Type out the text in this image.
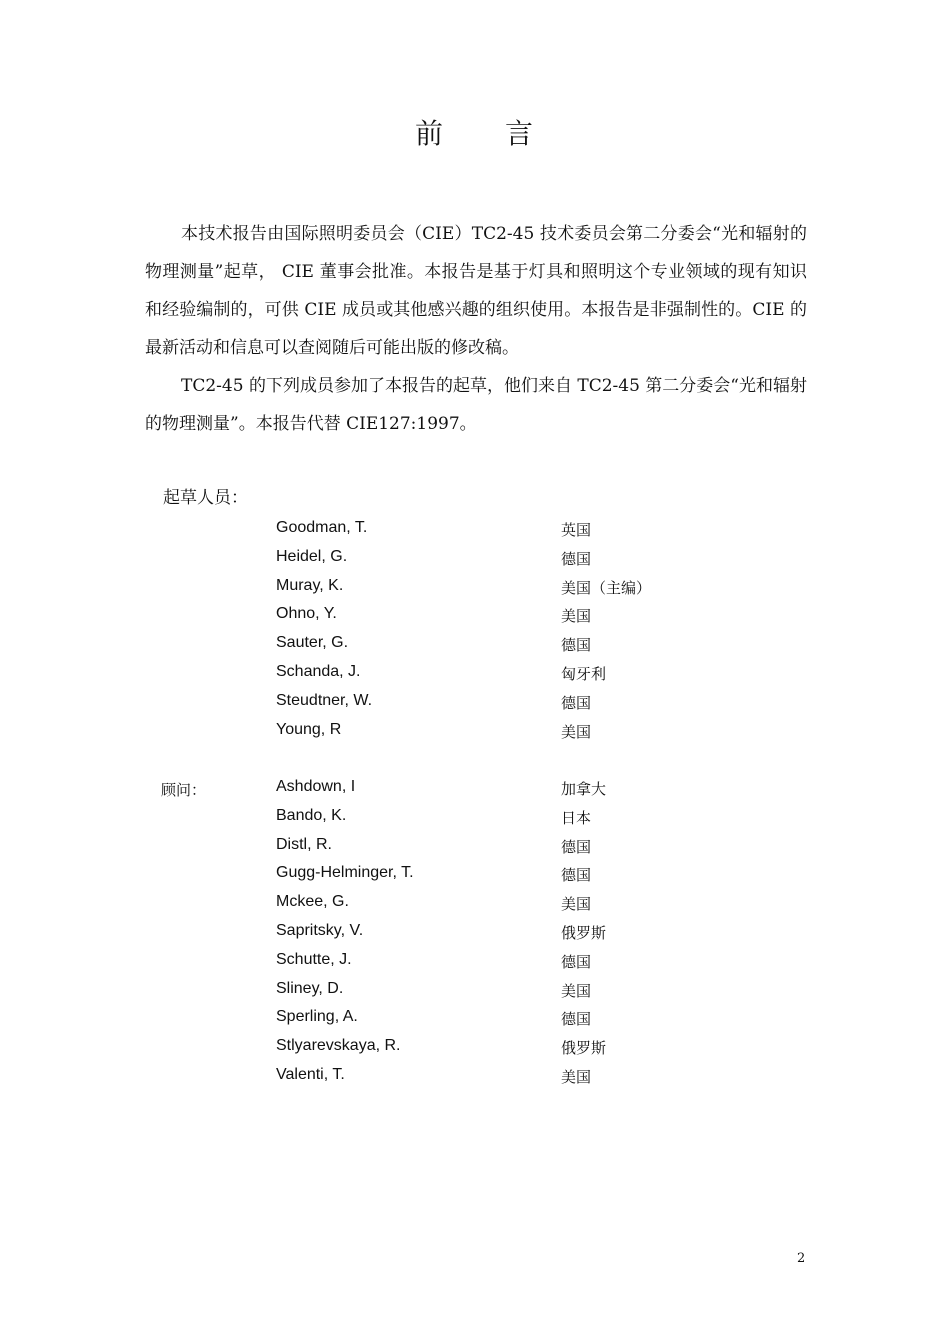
前　　言

本技术报告由国际照明委员会（CIE）TC2-45 技术委员会第二分委会“光和辐射的物理测量”起草， CIE 董事会批准。本报告是基于灯具和照明这个专业领域的现有知识和经验编制的，可供 CIE 成员或其他感兴趣的组织使用。本报告是非强制性的。CIE 的最新活动和信息可以查阅随后可能出版的修改稿。

TC2-45 的下列成员参加了本报告的起草，他们来自 TC2-45 第二分委会“光和辐射的物理测量”。本报告代替 CIE127:1997。

起草人员：
Goodman, T.	英国
Heidel, G.	德国
Muray, K.	美国（主编）
Ohno, Y.	美国
Sauter, G.	德国
Schanda, J.	匈牙利
Steudtner, W.	德国
Young, R	美国
顾问：	Ashdown, I	加拿大
Bando, K.	日本
Distl, R.	德国
Gugg-Helminger, T.	德国
Mckee, G.	美国
Sapritsky, V.	俄罗斯
Schutte, J.	德国
Sliney, D.	美国
Sperling, A.	德国
Stlyarevskaya, R.	俄罗斯
Valenti, T.	美国
2
